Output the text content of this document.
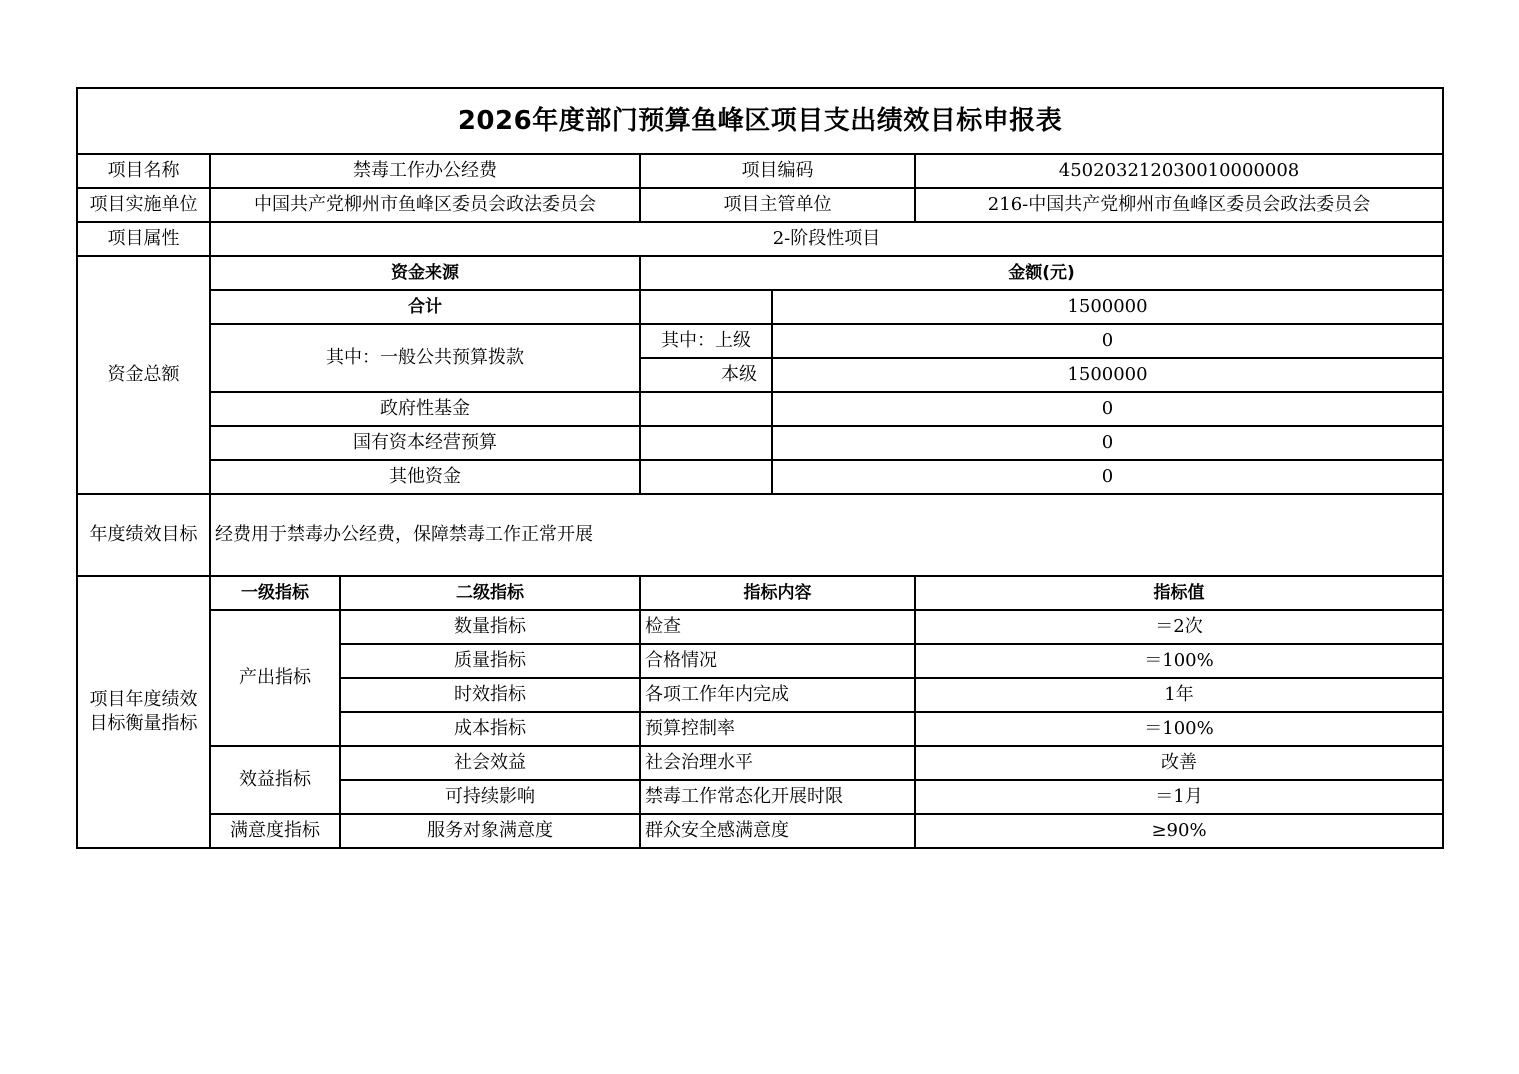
2026年度部门预算鱼峰区项目支出绩效目标申报表					
项目名称	禁毒工作办公经费		项目编码		450203212030010000008
项目实施单位	中国共产党柳州市鱼峰区委员会政法委员会		项目主管单位		216-中国共产党柳州市鱼峰区委员会政法委员会
项目属性	2-阶段性项目				
资金总额	资金来源		金额(元)		
	合计			1500000	
	其中：一般公共预算拨款		其中：上级	0	
			本级	1500000	
	政府性基金			0	
	国有资本经营预算			0	
	其他资金			0	
年度绩效目标	经费用于禁毒办公经费，保障禁毒工作正常开展				
项目年度绩效目标衡量指标	一级指标	二级指标	指标内容		指标值
	产出指标	数量指标	检查		＝2次
		质量指标	合格情况		＝100%
		时效指标	各项工作年内完成		1年
		成本指标	预算控制率		＝100%
	效益指标	社会效益	社会治理水平		改善
		可持续影响	禁毒工作常态化开展时限		＝1月
	满意度指标	服务对象满意度	群众安全感满意度		≥90%
